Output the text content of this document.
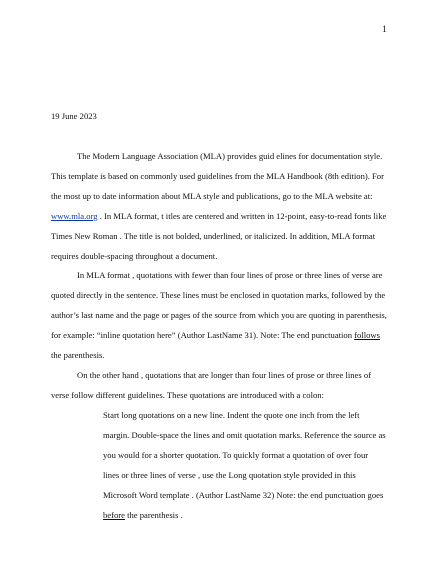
1
19 June 2023
The Modern Language Association (MLA) provides guid elines for documentation style.
This template is based on commonly used guidelines from the MLA Handbook (8th edition). For
the most up to date information about MLA style and publications, go to the MLA website at:
www.mla.org . In MLA format, t itles are centered and written in 12-point, easy-to-read fonts like
Times New Roman . The title is not bolded, underlined, or italicized. In addition, MLA format
requires double-spacing throughout a document.
In MLA format , quotations with fewer than four lines of prose or three lines of verse are
quoted directly in the sentence. These lines must be enclosed in quotation marks, followed by the
author’s last name and the page or pages of the source from which you are quoting in parenthesis,
for example: “inline quotation here” (Author LastName 31). Note: The end punctuation follows
the parenthesis.
On the other hand , quotations that are longer than four lines of prose or three lines of
verse follow different guidelines. These quotations are introduced with a colon:
Start long quotations on a new line. Indent the quote one inch from the left
margin. Double-space the lines and omit quotation marks. Reference the source as
you would for a shorter quotation. To quickly format a quotation of over four
lines or three lines of verse , use the Long quotation style provided in this
Microsoft Word template . (Author LastName 32) Note: the end punctuation goes
before the parenthesis .
